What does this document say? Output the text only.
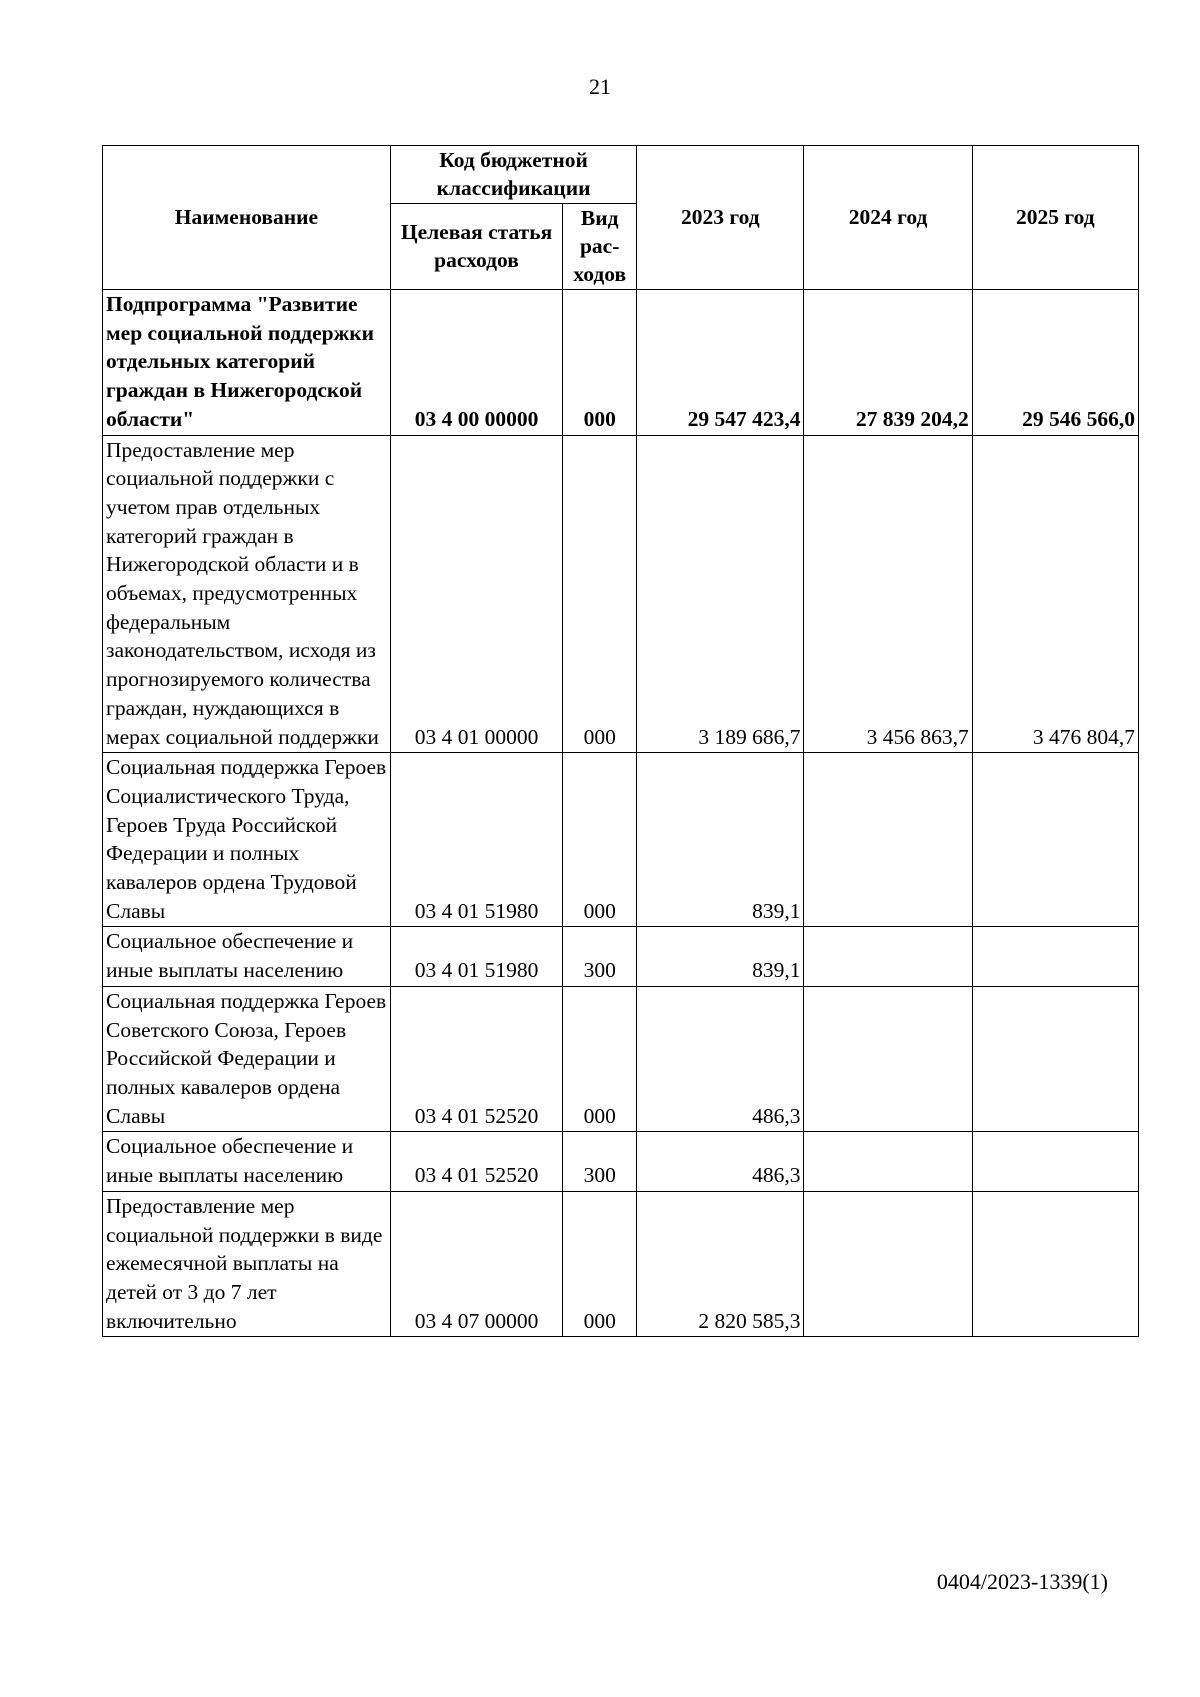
21
Наименование	Код бюджетной классификации		2023 год	2024 год	2025 год
	Целевая статья расходов	Вид рас-ходов			
Подпрограмма "Развитие мер социальной поддержки отдельных категорий граждан в Нижегородской области"	03 4 00 00000	000	29 547 423,4	27 839 204,2	29 546 566,0
Предоставление мер социальной поддержки с учетом прав отдельных категорий граждан в Нижегородской области и в объемах, предусмотренных федеральным законодательством, исходя из прогнозируемого количества граждан, нуждающихся в мерах социальной поддержки	03 4 01 00000	000	3 189 686,7	3 456 863,7	3 476 804,7
Социальная поддержка Героев Социалистического Труда, Героев Труда Российской Федерации и полных кавалеров ордена Трудовой Славы	03 4 01 51980	000	839,1		
Социальное обеспечение и иные выплаты населению	03 4 01 51980	300	839,1		
Социальная поддержка Героев Советского Союза, Героев Российской Федерации и полных кавалеров ордена Славы	03 4 01 52520	000	486,3		
Социальное обеспечение и иные выплаты населению	03 4 01 52520	300	486,3		
Предоставление мер социальной поддержки в виде ежемесячной выплаты на детей от 3 до 7 лет включительно	03 4 07 00000	000	2 820 585,3		
0404/2023-1339(1)
